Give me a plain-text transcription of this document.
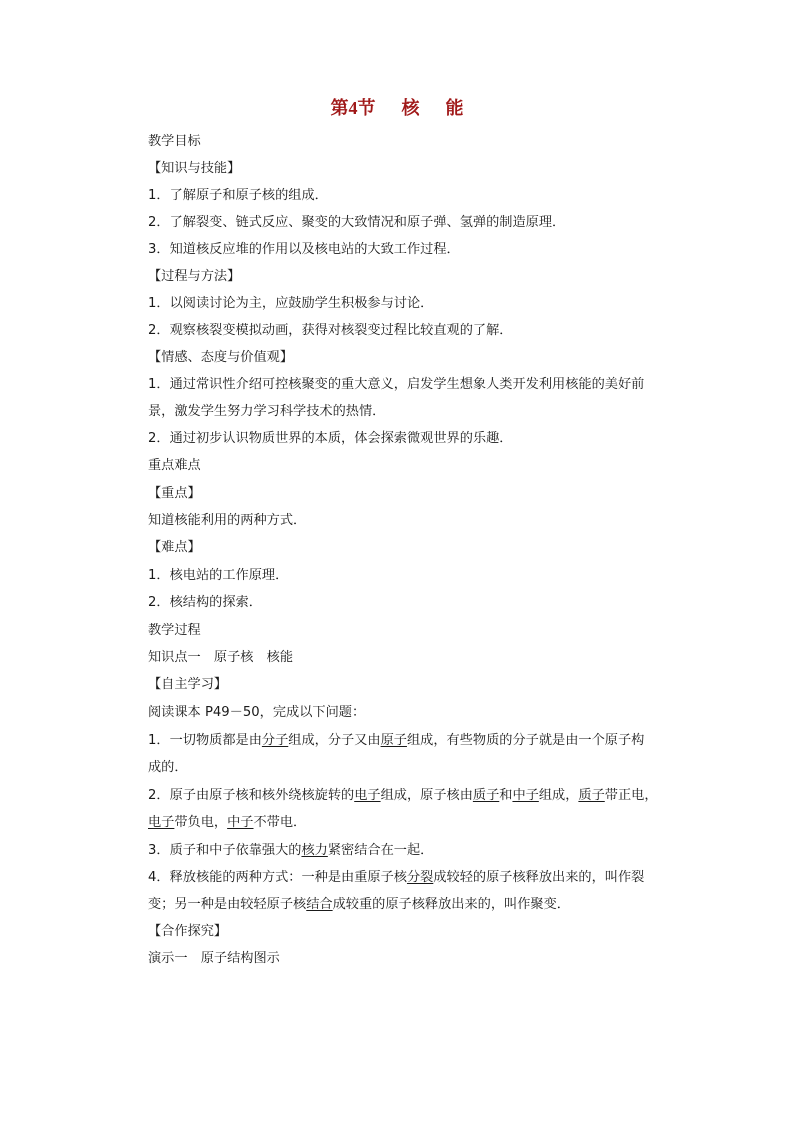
第4节 核 能
教学目标
【知识与技能】
1．了解原子和原子核的组成．
2．了解裂变、链式反应、聚变的大致情况和原子弹、氢弹的制造原理．
3．知道核反应堆的作用以及核电站的大致工作过程．
【过程与方法】
1．以阅读讨论为主，应鼓励学生积极参与讨论．
2．观察核裂变模拟动画，获得对核裂变过程比较直观的了解．
【情感、态度与价值观】
1．通过常识性介绍可控核聚变的重大意义，启发学生想象人类开发利用核能的美好前
景，激发学生努力学习科学技术的热情．
2．通过初步认识物质世界的本质，体会探索微观世界的乐趣．
重点难点
【重点】
知道核能利用的两种方式．
【难点】
1．核电站的工作原理．
2．核结构的探索．
教学过程
知识点一　原子核　核能
【自主学习】
阅读课本 P49－50，完成以下问题：
1．一切物质都是由分子组成，分子又由原子组成，有些物质的分子就是由一个原子构
成的．
2．原子由原子核和核外绕核旋转的电子组成，原子核由质子和中子组成，质子带正电，
电子带负电，中子不带电．
3．质子和中子依靠强大的核力紧密结合在一起．
4．释放核能的两种方式：一种是由重原子核分裂成较轻的原子核释放出来的，叫作裂
变；另一种是由较轻原子核结合成较重的原子核释放出来的，叫作聚变．
【合作探究】
演示一　原子结构图示
